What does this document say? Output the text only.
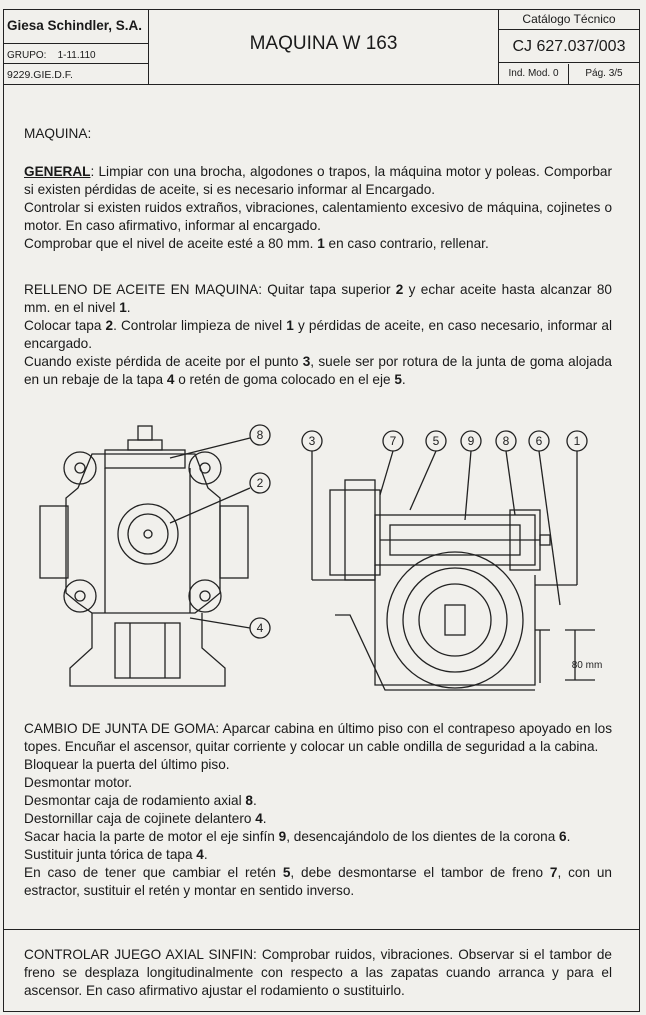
Giesa Schindler, S.A.
GRUPO: 1-11.110
9229.GIE.D.F.
MAQUINA W 163
Catálogo Técnico
CJ 627.037/003
Ind. Mod. 0	Pág. 3/5

MAQUINA:

GENERAL: Limpiar con una brocha, algodones o trapos, la máquina motor y poleas. Comporbar si existen pérdidas de aceite, si es necesario informar al Encargado.
Controlar si existen ruidos extraños, vibraciones, calentamiento excesivo de máquina, cojinetes o motor. En caso afirmativo, informar al encargado.
Comprobar que el nivel de aceite esté a 80 mm. 1 en caso contrario, rellenar.

RELLENO DE ACEITE EN MAQUINA: Quitar tapa superior 2 y echar aceite hasta alcanzar 80 mm. en el nivel 1.
Colocar tapa 2. Controlar limpieza de nivel 1 y pérdidas de aceite, en caso necesario, informar al encargado.
Cuando existe pérdida de aceite por el punto 3, suele ser por rotura de la junta de goma alojada en un rebaje de la tapa 4 o retén de goma colocado en el eje 5.

8
2
4
3	7	5 9 8 6	1
80 mm

CAMBIO DE JUNTA DE GOMA: Aparcar cabina en último piso con el contrapeso apoyado en los topes. Encuñar el ascensor, quitar corriente y colocar un cable ondilla de seguridad a la cabina.
Bloquear la puerta del último piso.
Desmontar motor.
Desmontar caja de rodamiento axial 8.
Destornillar caja de cojinete delantero 4.
Sacar hacia la parte de motor el eje sinfín 9, desencajándolo de los dientes de la corona 6.
Sustituir junta tórica de tapa 4.
En caso de tener que cambiar el retén 5, debe desmontarse el tambor de freno 7, con un estractor, sustituir el retén y montar en sentido inverso.

CONTROLAR JUEGO AXIAL SINFIN: Comprobar ruidos, vibraciones. Observar si el tambor de freno se desplaza longitudinalmente con respecto a las zapatas cuando arranca y para el ascensor. En caso afirmativo ajustar el rodamiento o sustituirlo.
